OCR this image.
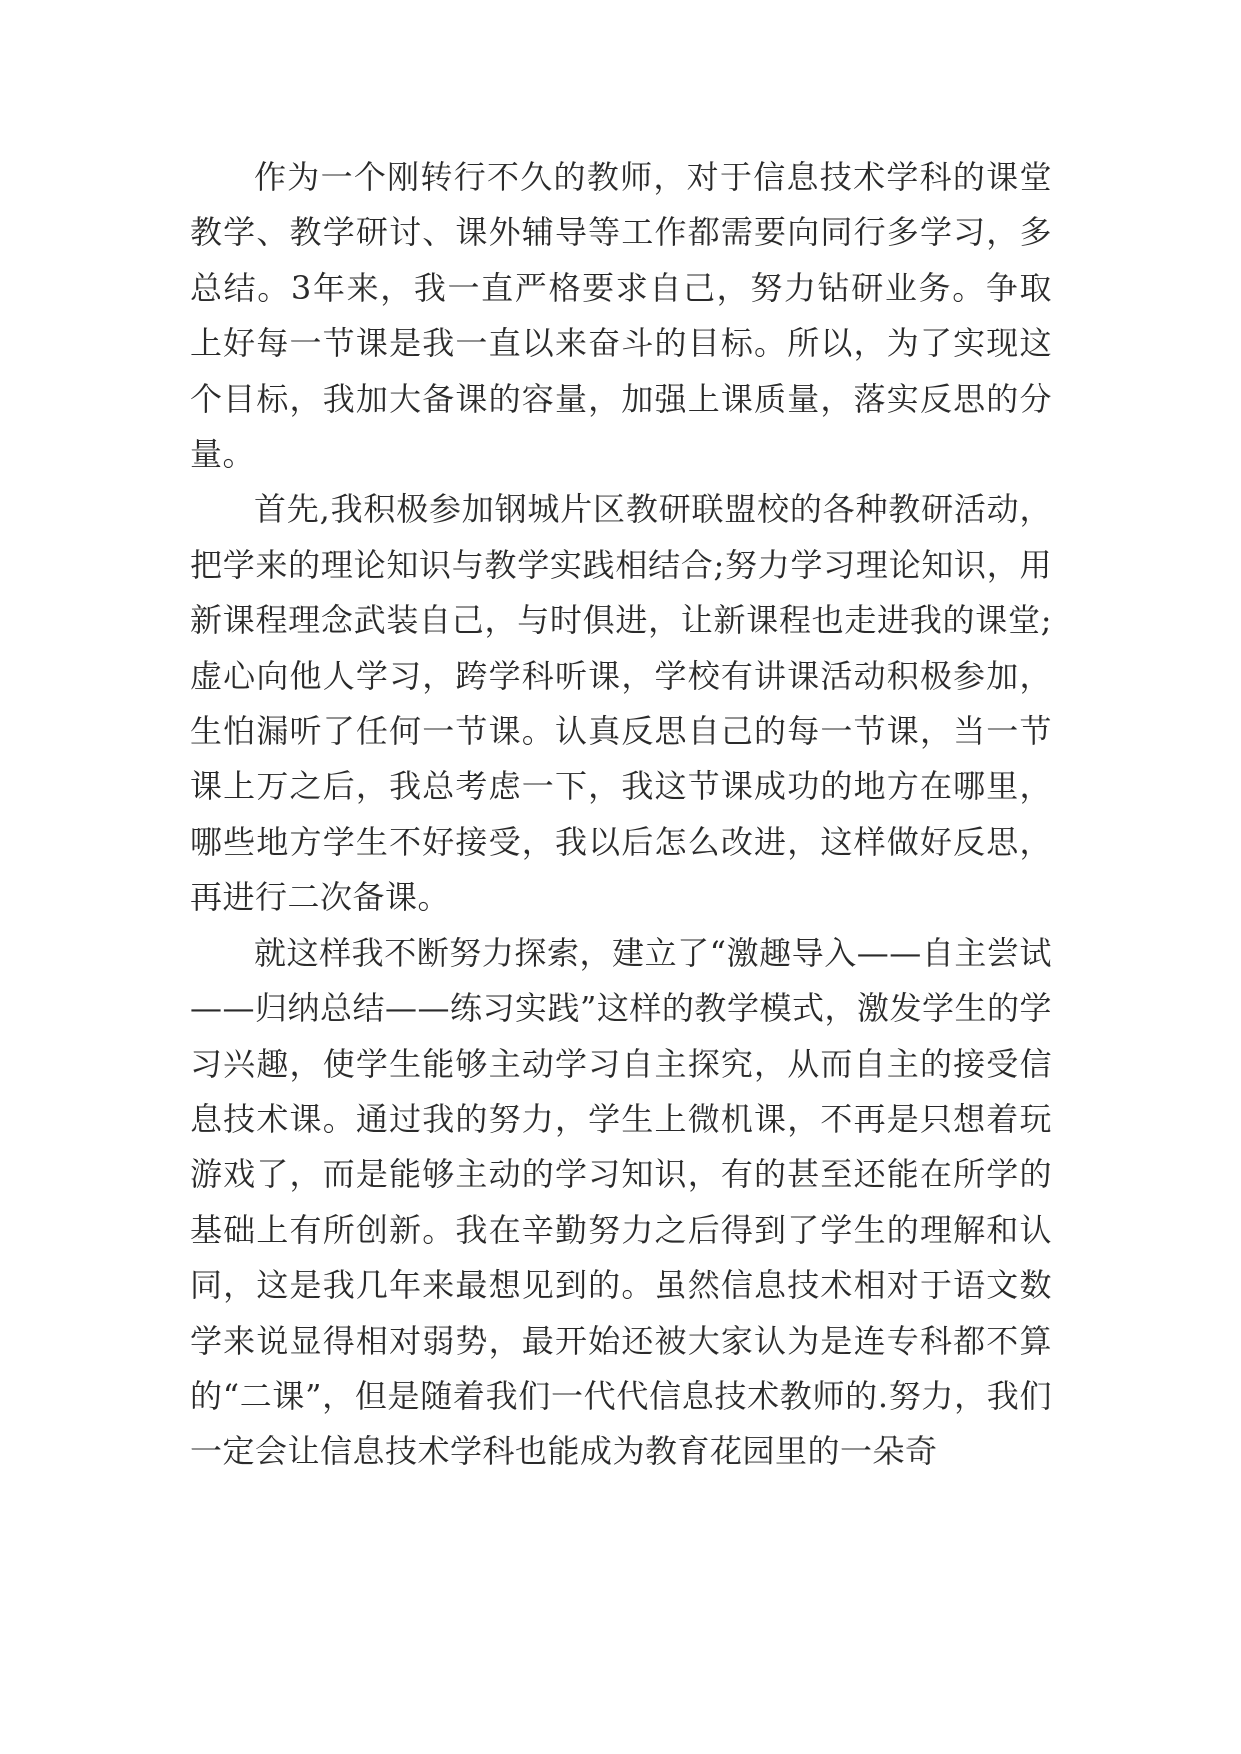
作为一个刚转行不久的教师，对于信息技术学科的课堂教学、教学研讨、课外辅导等工作都需要向同行多学习，多总结。3年来，我一直严格要求自己，努力钻研业务。争取上好每一节课是我一直以来奋斗的目标。所以，为了实现这个目标，我加大备课的容量，加强上课质量，落实反思的分量。

首先,我积极参加钢城片区教研联盟校的各种教研活动，把学来的理论知识与教学实践相结合;努力学习理论知识，用新课程理念武装自己，与时俱进，让新课程也走进我的课堂;虚心向他人学习，跨学科听课，学校有讲课活动积极参加，生怕漏听了任何一节课。认真反思自己的每一节课，当一节课上万之后，我总考虑一下，我这节课成功的地方在哪里，哪些地方学生不好接受，我以后怎么改进，这样做好反思，再进行二次备课。

就这样我不断努力探索，建立了“激趣导入——自主尝试——归纳总结——练习实践”这样的教学模式，激发学生的学习兴趣，使学生能够主动学习自主探究，从而自主的接受信息技术课。通过我的努力，学生上微机课，不再是只想着玩游戏了，而是能够主动的学习知识，有的甚至还能在所学的基础上有所创新。我在辛勤努力之后得到了学生的理解和认同，这是我几年来最想见到的。虽然信息技术相对于语文数学来说显得相对弱势，最开始还被大家认为是连专科都不算的“二课”，但是随着我们一代代信息技术教师的.努力，我们一定会让信息技术学科也能成为教育花园里的一朵奇
